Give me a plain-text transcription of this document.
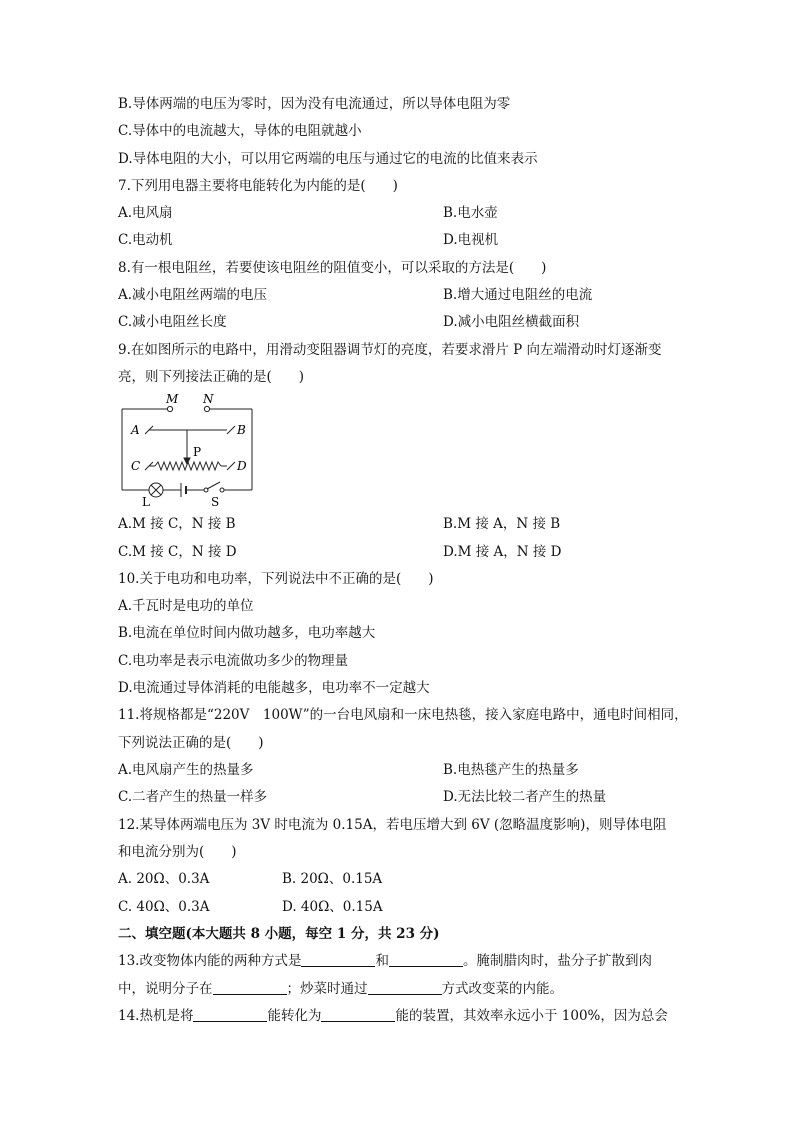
B.导体两端的电压为零时，因为没有电流通过，所以导体电阻为零
C.导体中的电流越大，导体的电阻就越小
D.导体电阻的大小，可以用它两端的电压与通过它的电流的比值来表示
7.下列用电器主要将电能转化为内能的是(　　)
A.电风扇	B.电水壶
C.电动机	D.电视机
8.有一根电阻丝，若要使该电阻丝的阻值变小，可以采取的方法是(　　)
A.减小电阻丝两端的电压	B.增大通过电阻丝的电流
C.减小电阻丝长度	D.减小电阻丝横截面积
9.在如图所示的电路中，用滑动变阻器调节灯的亮度，若要求滑片 P 向左端滑动时灯逐渐变
亮，则下列接法正确的是(　　)
M N
A	B
C	D
P
L	S
A.M 接 C，N 接 B	B.M 接 A，N 接 B
C.M 接 C，N 接 D	D.M 接 A，N 接 D
10.关于电功和电功率，下列说法中不正确的是(　　)
A.千瓦时是电功的单位
B.电流在单位时间内做功越多，电功率越大
C.电功率是表示电流做功多少的物理量
D.电流通过导体消耗的电能越多，电功率不一定越大
11.将规格都是“220V　100W”的一台电风扇和一床电热毯，接入家庭电路中，通电时间相同，
下列说法正确的是(　　)
A.电风扇产生的热量多	B.电热毯产生的热量多
C.二者产生的热量一样多	D.无法比较二者产生的热量
12.某导体两端电压为 3V 时电流为 0.15A，若电压增大到 6V (忽略温度影响)，则导体电阻
和电流分别为(　　)
A. 20Ω、0.3A	B. 20Ω、0.15A
C. 40Ω、0.3A	D. 40Ω、0.15A
二、填空题(本大题共 8 小题，每空 1 分，共 23 分)
13.改变物体内能的两种方式是	和	。腌制腊肉时，盐分子扩散到肉
中，说明分子在	；炒菜时通过	方式改变菜的内能。
14.热机是将	能转化为	能的装置，其效率永远小于 100%，因为总会
